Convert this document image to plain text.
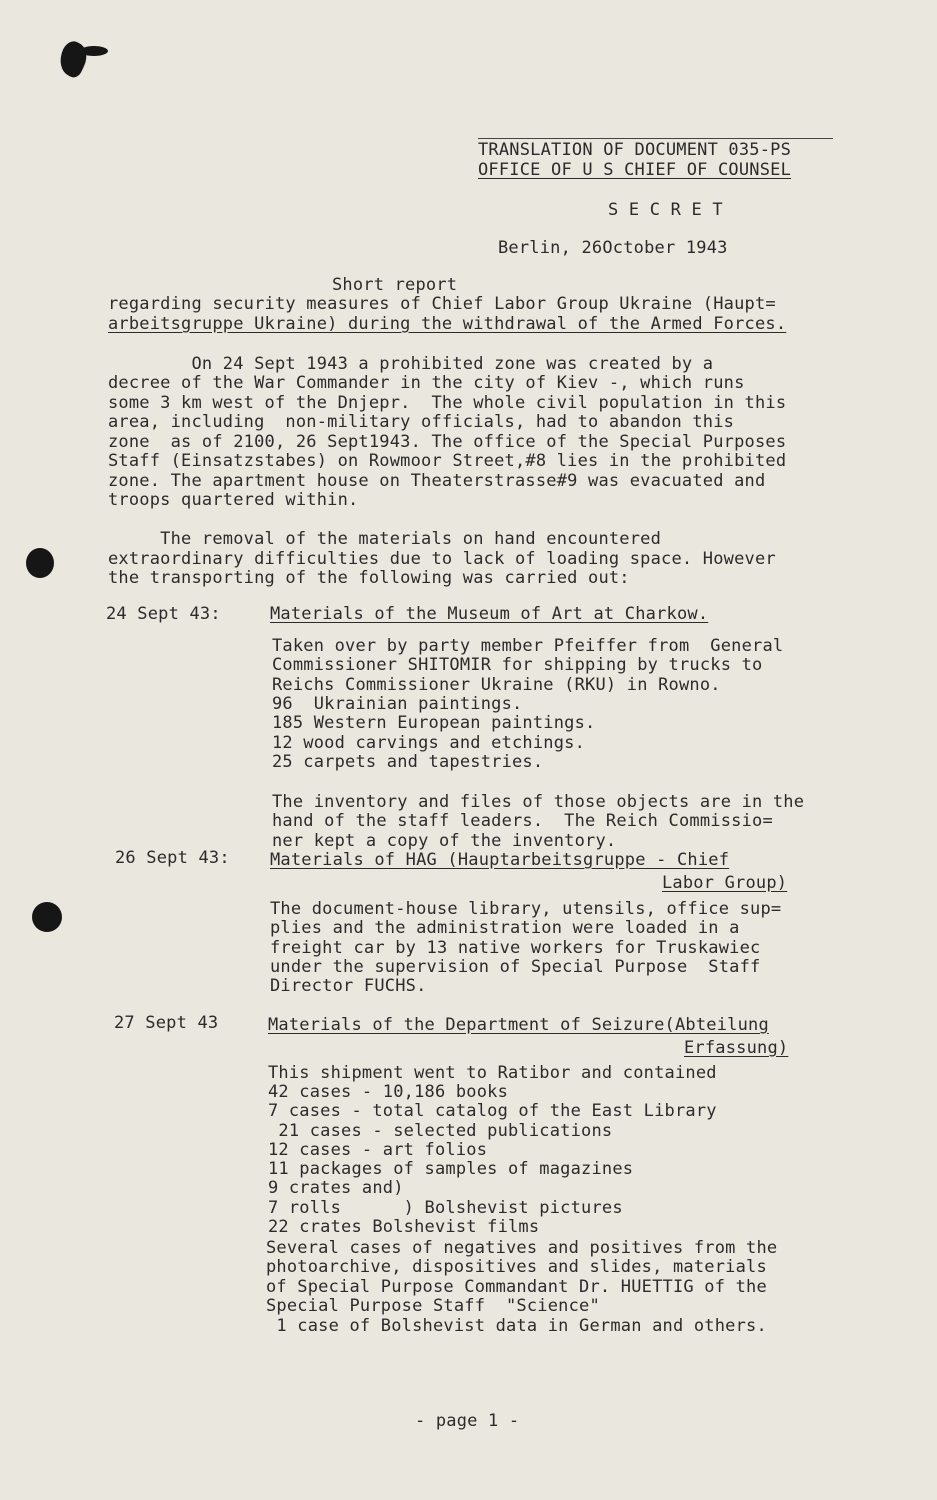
TRANSLATION OF DOCUMENT 035-PS
OFFICE OF U S CHIEF OF COUNSEL
S E C R E T
Berlin, 26October 1943
Short report
regarding security measures of Chief Labor Group Ukraine (Haupt=
arbeitsgruppe Ukraine) during the withdrawal of the Armed Forces.
On 24 Sept 1943 a prohibited zone was created by a
decree of the War Commander in the city of Kiev -, which runs
some 3 km west of the Dnjepr.  The whole civil population in this
area, including  non-military officials, had to abandon this
zone  as of 2100, 26 Sept1943. The office of the Special Purposes
Staff (Einsatzstabes) on Rowmoor Street,#8 lies in the prohibited
zone. The apartment house on Theaterstrasse#9 was evacuated and
troops quartered within.
The removal of the materials on hand encountered
extraordinary difficulties due to lack of loading space. However
the transporting of the following was carried out:
24 Sept 43:	Materials of the Museum of Art at Charkow.
Taken over by party member Pfeiffer from  General
Commissioner SHITOMIR for shipping by trucks to
Reichs Commissioner Ukraine (RKU) in Rowno.
96  Ukrainian paintings.
185 Western European paintings.
12 wood carvings and etchings.
25 carpets and tapestries.
The inventory and files of those objects are in the
hand of the staff leaders.  The Reich Commissio=
ner kept a copy of the inventory.
26 Sept 43: Materials of HAG (Hauptarbeitsgruppe - Chief
Labor Group)
The document-house library, utensils, office sup=
plies and the administration were loaded in a
freight car by 13 native workers for Truskawiec
under the supervision of Special Purpose  Staff
Director FUCHS.
27 Sept 43	Materials of the Department of Seizure(Abteilung
Erfassung)
This shipment went to Ratibor and contained
42 cases - 10,186 books
7 cases - total catalog of the East Library
21 cases - selected publications
12 cases - art folios
11 packages of samples of magazines
9 crates and)
7 rolls      ) Bolshevist pictures
22 crates Bolshevist films
Several cases of negatives and positives from the
photoarchive, dispositives and slides, materials
of Special Purpose Commandant Dr. HUETTIG of the
Special Purpose Staff  "Science"
1 case of Bolshevist data in German and others.
- page 1 -
